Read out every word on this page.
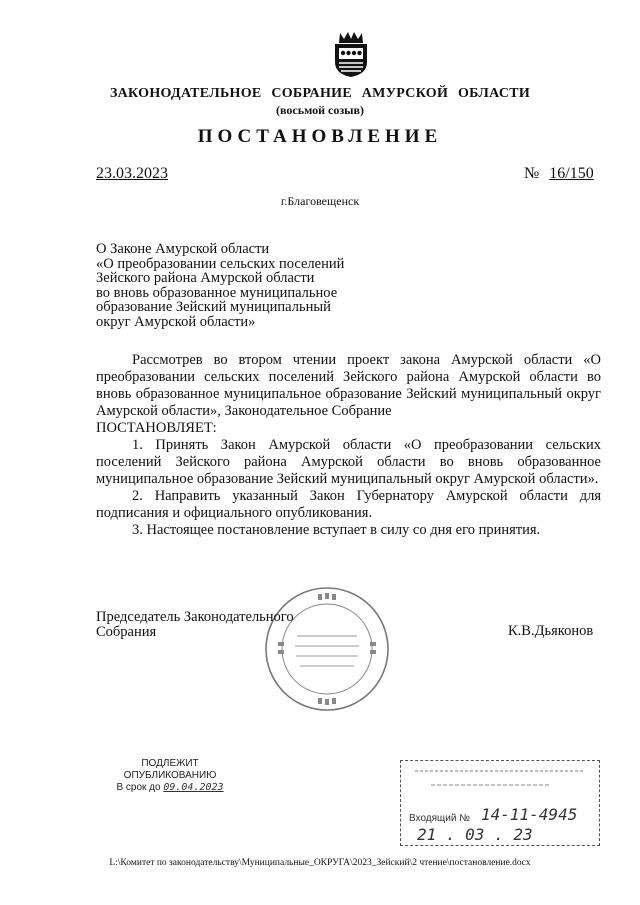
ЗАКОНОДАТЕЛЬНОЕ СОБРАНИЕ АМУРСКОЙ ОБЛАСТИ
(восьмой созыв)
ПОСТАНОВЛЕНИЕ
23.03.2023	№ 16/150
г.Благовещенск
О Законе Амурской области
«О преобразовании сельских поселений
Зейского района Амурской области
во вновь образованное муниципальное
образование Зейский муниципальный
округ Амурской области»

Рассмотрев во втором чтении проект закона Амурской области «О преобразовании сельских поселений Зейского района Амурской области во вновь образованное муниципальное образование Зейский муниципальный округ Амурской области», Законодательное Собрание

ПОСТАНОВЛЯЕТ:

1. Принять Закон Амурской области «О преобразовании сельских поселений Зейского района Амурской области во вновь образованное муниципальное образование Зейский муниципальный округ Амурской области».

2. Направить указанный Закон Губернатору Амурской области для подписания и официального опубликования.

3. Настоящее постановление вступает в силу со дня его принятия.

Председатель Законодательного
Собрания	К.В.Дьяконов
ПОДЛЕЖИТ
ОПУБЛИКОВАНИЮ
В срок до 09.04.2023
Входящий № 14-11-4945
21 . 03 . 23
L:\Комитет по законодательству\Муниципальные_ОКРУГА\2023_Зейский\2 чтение\постановление.docx
